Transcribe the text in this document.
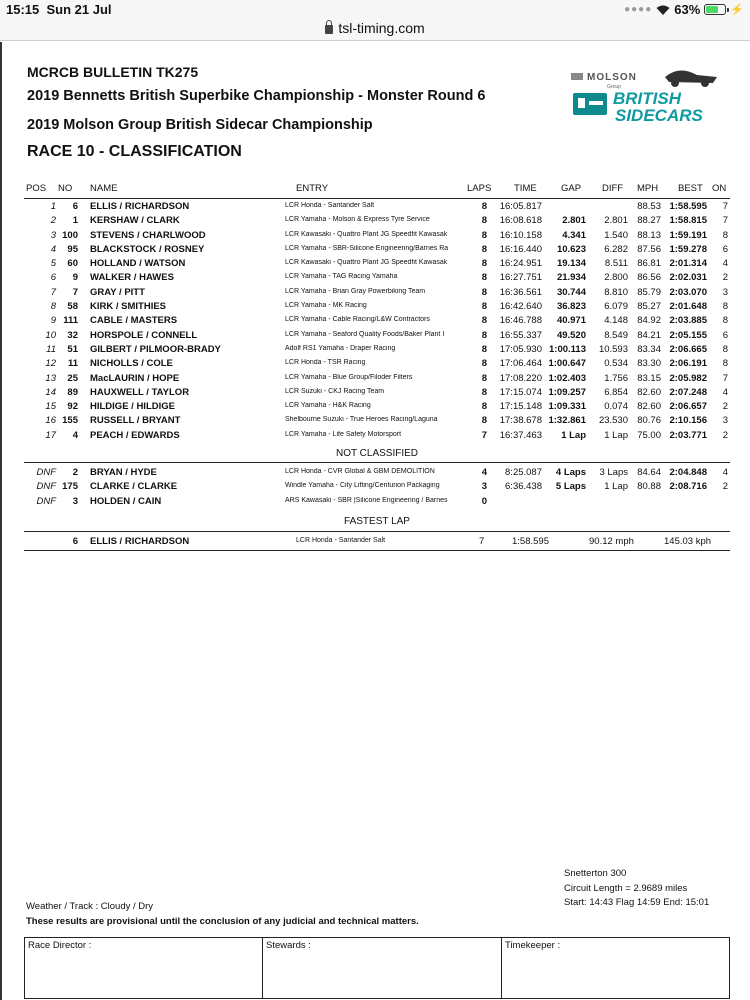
15:15 Sun 21 Jul	●●●● 63%	⚡
tsl-timing.com
MCRCB BULLETIN TK275
2019 Bennetts British Superbike Championship - Monster Round 6
2019 Molson Group British Sidecar Championship
RACE 10 - CLASSIFICATION
MOLSON
Group
BRITISH
SIDECARS
POS NO NAME	ENTRY	LAPS TIME	GAP DIFF MPH BEST ON
1	6 ELLIS / RICHARDSON	LCR Honda - Santander Salt	8	16:05.817	88.53 1:58.595	7
2	1 KERSHAW / CLARK	LCR Yamaha - Molson & Express Tyre Service	8	16:08.618	2.801	2.801 88.27 1:58.815	7
3 100 STEVENS / CHARLWOOD	LCR Kawasaki - Quattro Plant JG Speedfit Kawasak	8	16:10.158	4.341	1.540 88.13 1:59.191	8
4	95 BLACKSTOCK / ROSNEY	LCR Yamaha - SBR-Silicone Engineering/Barnes Ra	8	16:16.440	10.623	6.282 87.56 1:59.278	6
5	60 HOLLAND / WATSON	LCR Kawasaki - Quattro Plant JG Speedfit Kawasak	8	16:24.951	19.134	8.511 86.81 2:01.314	4
6	9 WALKER / HAWES	LCR Yamaha - TAG Racing Yamaha	8	16:27.751	21.934	2.800 86.56 2:02.031	2
7	7 GRAY / PITT	LCR Yamaha - Brian Gray Powerbiking Team	8	16:36.561	30.744	8.810 85.79 2:03.070	3
8	58 KIRK / SMITHIES	LCR Yamaha - MK Racing	8	16:42.640	36.823	6.079 85.27 2:01.648	8
9 111 CABLE / MASTERS	LCR Yamaha - Cable Racing/L&W Contractors	8	16:46.788	40.971	4.148 84.92 2:03.885	8
10	32 HORSPOLE / CONNELL	LCR Yamaha - Seaford Quality Foods/Baker Plant I	8	16:55.337	49.520	8.549 84.21 2:05.155	6
11	51 GILBERT / PILMOOR-BRADY	Adolf RS1 Yamaha - Draper Racing	8	17:05.930 1:00.113	10.593 83.34 2:06.665	8
12	11 NICHOLLS / COLE	LCR Honda - TSR Racing	8	17:06.464 1:00.647	0.534 83.30 2:06.191	8
13	25 MacLAURIN / HOPE	LCR Yamaha - Blue Group/Filoder Filters	8	17:08.220 1:02.403	1.756 83.15 2:05.982	7
14	89 HAUXWELL / TAYLOR	LCR Suzuki - CKJ Racing Team	8	17:15.074 1:09.257	6.854 82.60 2:07.248	4
15	92 HILDIGE / HILDIGE	LCR Yamaha - H&K Racing	8	17:15.148 1:09.331	0.074 82.60 2:06.657	2
16 155 RUSSELL / BRYANT	Shelbourne Suzuki - True Heroes Racing/Laguna	8	17:38.678 1:32.861	23.530 80.76 2:10.156	3
17	4 PEACH / EDWARDS	LCR Yamaha - Life Safety Motorsport	7	16:37.463	1 Lap	1 Lap 75.00 2:03.771	2
NOT CLASSIFIED
DNF	2 BRYAN / HYDE	LCR Honda - CVR Global & GBM DEMOLITION	4	8:25.087	4 Laps	3 Laps 84.64 2:04.848	4
DNF 175 CLARKE / CLARKE	Windle Yamaha - City Lifting/Centurion Packaging	3	6:36.438	5 Laps	1 Lap 80.88 2:08.716	2
DNF	3 HOLDEN / CAIN	ARS Kawasaki - SBR |Silicone Engineering / Barnes	0
FASTEST LAP
6 ELLIS / RICHARDSON	LCR Honda - Santander Salt	7	1:58.595	90.12 mph	145.03 kph
Snetterton 300
Circuit Length = 2.9689 miles
Start: 14:43 Flag 14:59 End: 15:01
Weather / Track : Cloudy / Dry
These results are provisional until the conclusion of any judicial and technical matters.
Race Director :	Stewards :	Timekeeper :
